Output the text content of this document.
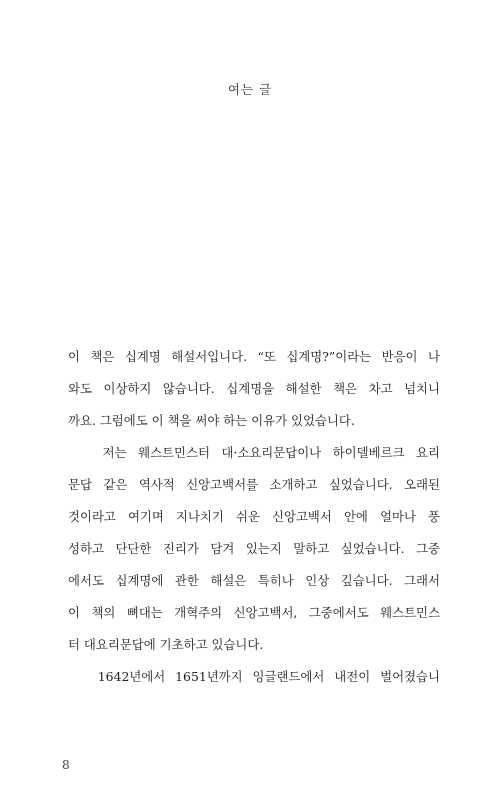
여는 글
이 책은 십계명 해설서입니다. “또 십계명?”이라는 반응이 나
와도 이상하지 않습니다. 십계명을 해설한 책은 차고 넘치니
까요. 그럼에도 이 책을 써야 하는 이유가 있었습니다.
저는 웨스트민스터 대·소요리문답이나 하이델베르크 요리
문답 같은 역사적 신앙고백서를 소개하고 싶었습니다. 오래된
것이라고 여기며 지나치기 쉬운 신앙고백서 안에 얼마나 풍
성하고 단단한 진리가 담겨 있는지 말하고 싶었습니다. 그중
에서도 십계명에 관한 해설은 특히나 인상 깊습니다. 그래서
이 책의 뼈대는 개혁주의 신앙고백서, 그중에서도 웨스트민스
터 대요리문답에 기초하고 있습니다.
1642년에서 1651년까지 잉글랜드에서 내전이 벌어졌습니
8
